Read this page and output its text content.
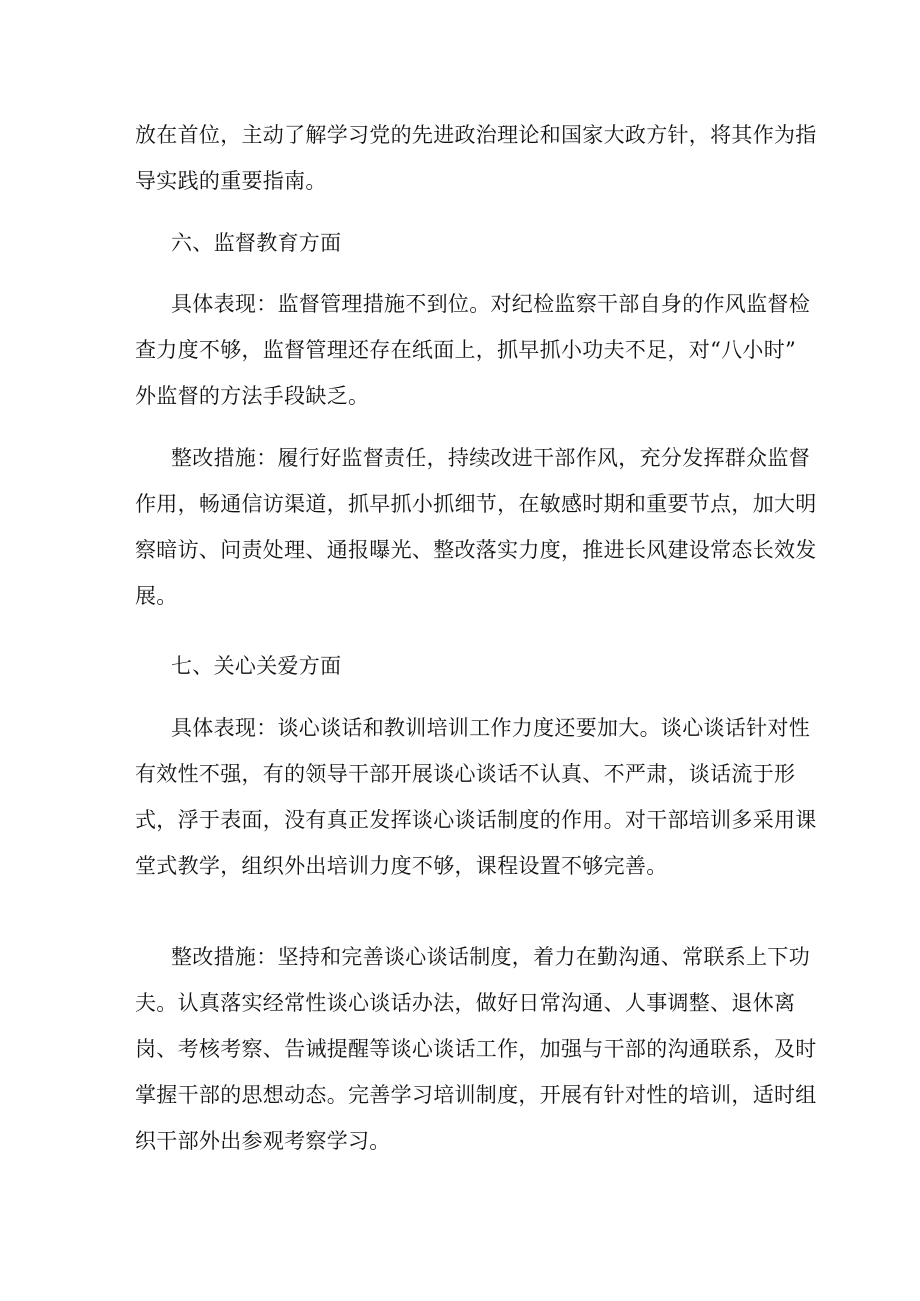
放在首位，主动了解学习党的先进政治理论和国家大政方针，将其作为指
导实践的重要指南。

六、监督教育方面

具体表现：监督管理措施不到位。对纪检监察干部自身的作风监督检
查力度不够，监督管理还存在纸面上，抓早抓小功夫不足，对“八小时”
外监督的方法手段缺乏。

整改措施：履行好监督责任，持续改进干部作风，充分发挥群众监督
作用，畅通信访渠道，抓早抓小抓细节，在敏感时期和重要节点，加大明
察暗访、问责处理、通报曝光、整改落实力度，推进长风建设常态长效发
展。

七、关心关爱方面

具体表现：谈心谈话和教训培训工作力度还要加大。谈心谈话针对性
有效性不强，有的领导干部开展谈心谈话不认真、不严肃，谈话流于形
式，浮于表面，没有真正发挥谈心谈话制度的作用。对干部培训多采用课
堂式教学，组织外出培训力度不够，课程设置不够完善。

整改措施：坚持和完善谈心谈话制度，着力在勤沟通、常联系上下功
夫。认真落实经常性谈心谈话办法，做好日常沟通、人事调整、退休离
岗、考核考察、告诫提醒等谈心谈话工作，加强与干部的沟通联系，及时
掌握干部的思想动态。完善学习培训制度，开展有针对性的培训，适时组
织干部外出参观考察学习。
